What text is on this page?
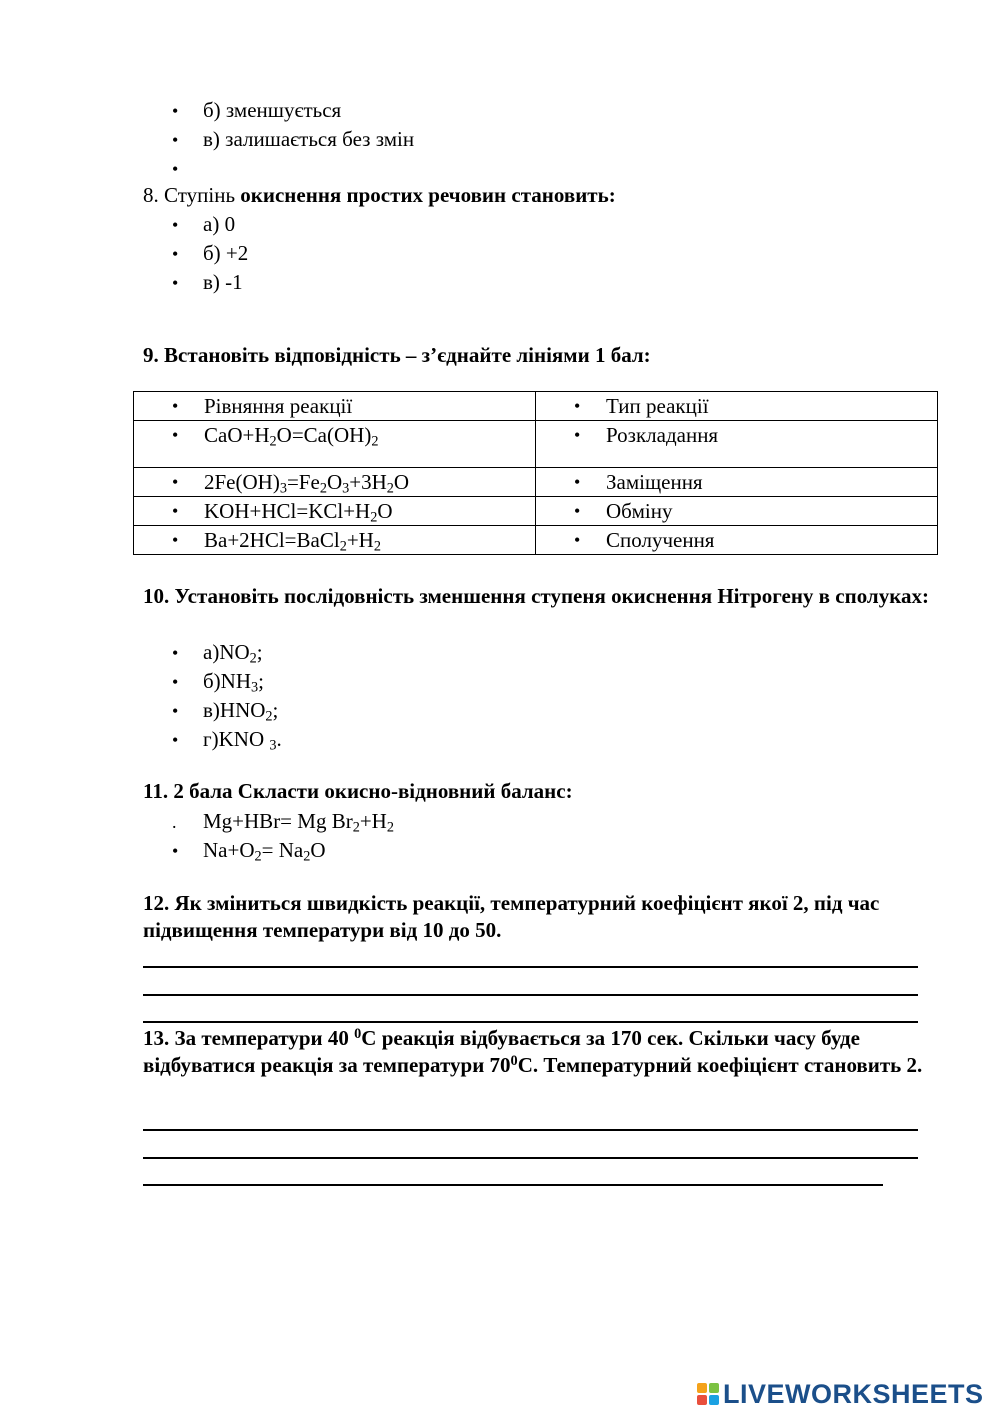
• б) зменшується
• в) залишається без змін
•
8. Ступінь окиснення простих речовин становить:
• а) 0
• б) +2
• в) -1
9. Встановіть відповідність – з’єднайте лініями 1 бал:
• Рівняння реакції	• Тип реакції

• $CaO+H_2O=Ca(OH)_2$	• Розкладання

• $2Fe(OH)_3=Fe_2O_3+3H_2O$	• Заміщення

• $KOH+HCl=KCl+H_2O$	• Обміну

• $Ba+2HCl=BaCl_2+H_2$	• Сполучення
10. Установіть послідовність зменшення ступеня окиснення Нітрогену в сполуках:
• $а)NO_2$;
• $б)NH_3$;
• $в)HNO_2$;
• г)KNO $_3$.
11. 2 бала Скласти окисно-відновний баланс:
. Mg+HBr= Mg $Br_2+H_2$
• $Na+O_2= Na_2O$
12. Як зміниться швидкість реакції, температурний коефіцієнт якої 2, під час підвищення температури від 10 до 50.
13. За температури 40 $^0$С реакція відбувається за 170 сек. Скільки часу буде відбуватися реакція за температури $70^0С$. Температурний коефіцієнт становить 2.
LIVEWORKSHEETS
